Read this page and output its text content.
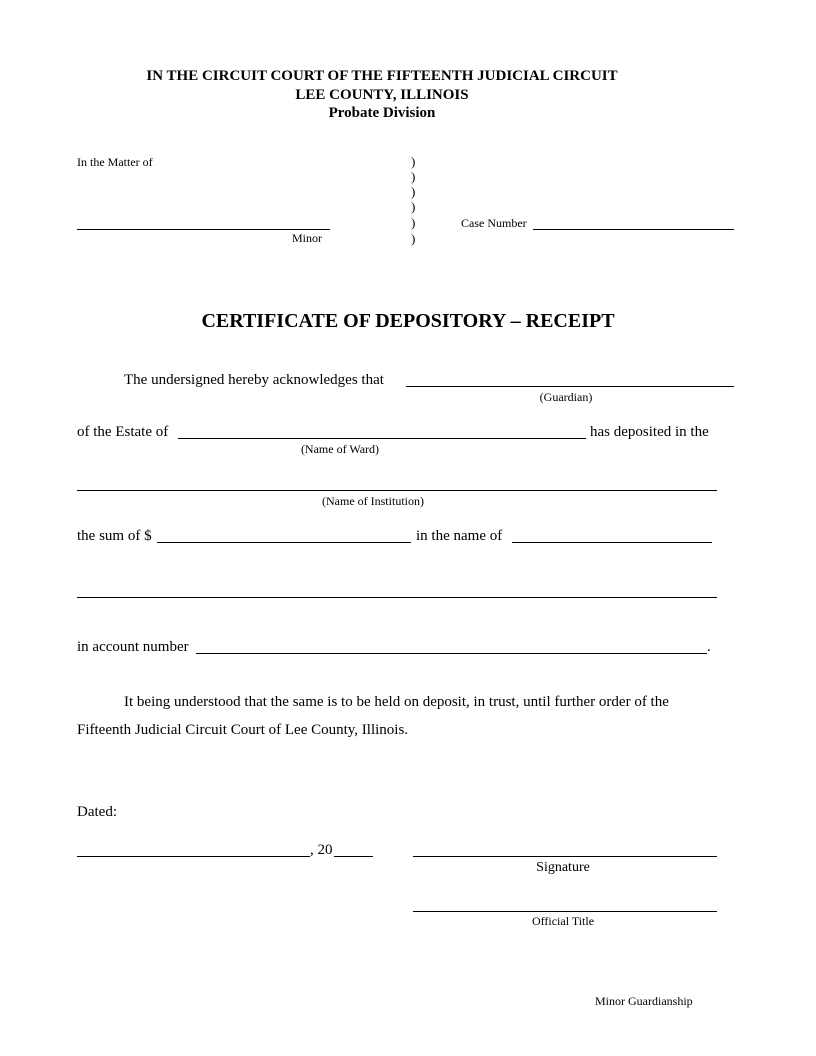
IN THE CIRCUIT COURT OF THE FIFTEENTH JUDICIAL CIRCUIT
LEE COUNTY, ILLINOIS
Probate Division
In the Matter of
Minor
)
)
)
)
)
)
Case Number
CERTIFICATE OF DEPOSITORY – RECEIPT
The undersigned hereby acknowledges that
(Guardian)
of the Estate of	has deposited in the
(Name of Ward)
(Name of Institution)
the sum of $	in the name of
in account number	.
It being understood that the same is to be held on deposit, in trust, until further order of the
Fifteenth Judicial Circuit Court of Lee County, Illinois.
Dated:
, 20
Signature
Official Title
Minor Guardianship
